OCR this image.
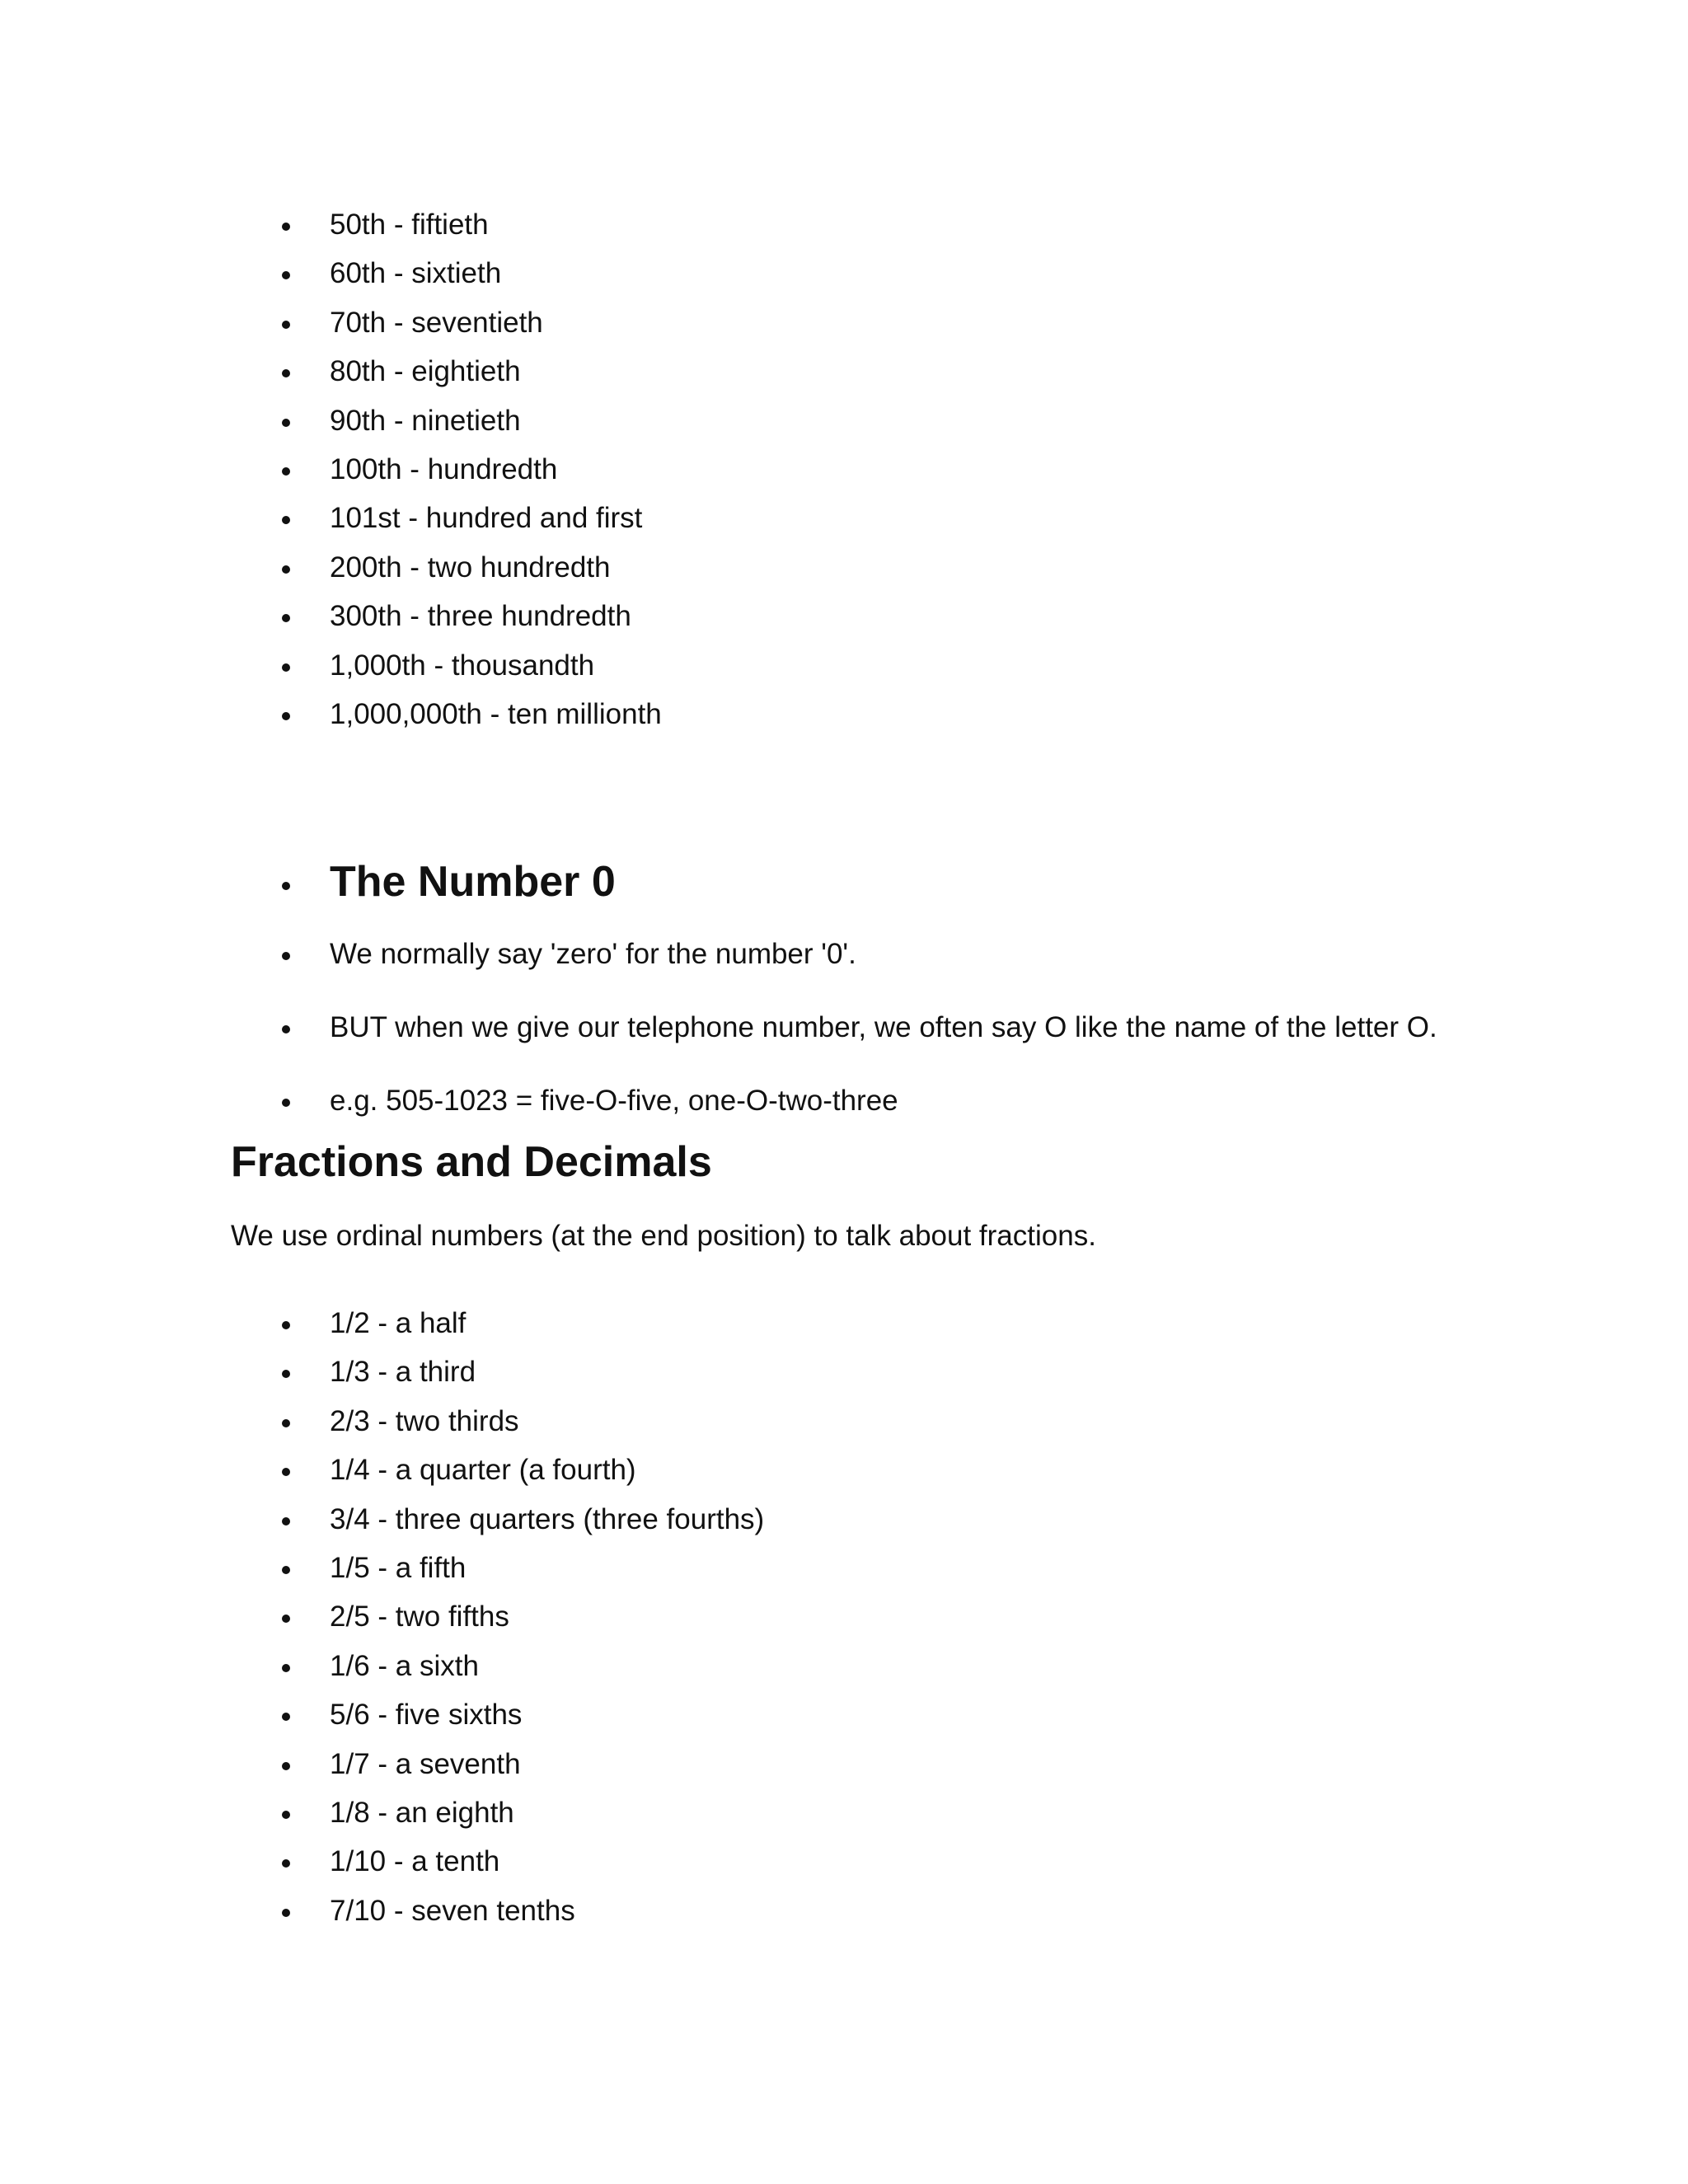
50th - fiftieth
60th - sixtieth
70th - seventieth
80th - eightieth
90th - ninetieth
100th - hundredth
101st - hundred and first
200th - two hundredth
300th - three hundredth
1,000th - thousandth
1,000,000th - ten millionth
The Number 0
We normally say 'zero' for the number '0'.
BUT when we give our telephone number, we often say O like the name of the letter O.
e.g. 505-1023 = five-O-five, one-O-two-three
Fractions and Decimals

We use ordinal numbers (at the end position) to talk about fractions.

1/2 - a half
1/3 - a third
2/3 - two thirds
1/4 - a quarter (a fourth)
3/4 - three quarters (three fourths)
1/5 - a fifth
2/5 - two fifths
1/6 - a sixth
5/6 - five sixths
1/7 - a seventh
1/8 - an eighth
1/10 - a tenth
7/10 - seven tenths
